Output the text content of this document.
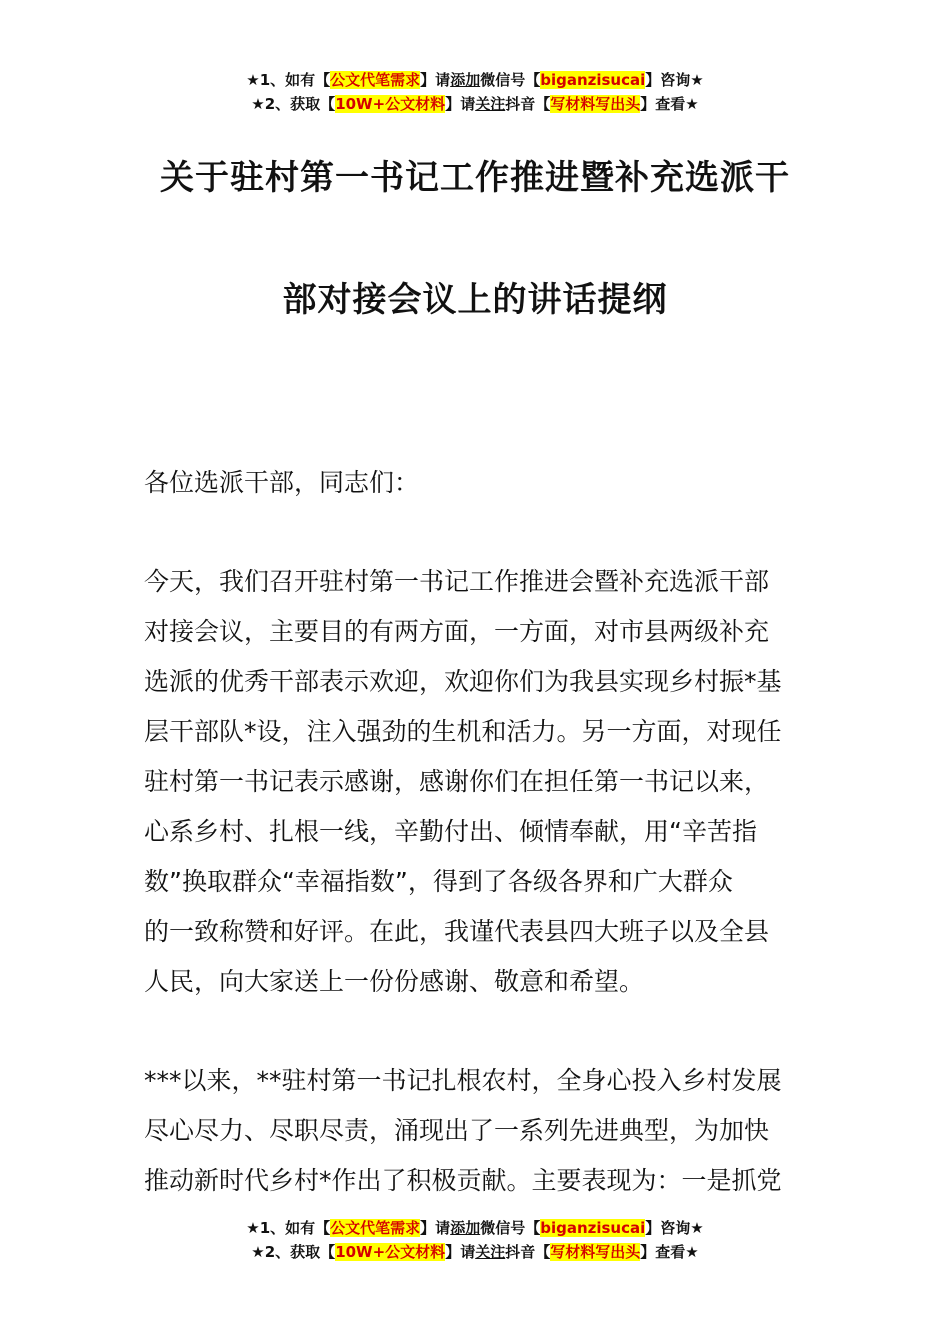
★1、如有【公文代笔需求】请添加微信号【biganzisucai】咨询★
★2、获取【10W+公文材料】请关注抖音【写材料写出头】查看★
关于驻村第一书记工作推进暨补充选派干
部对接会议上的讲话提纲
各位选派干部，同志们：
今天，我们召开驻村第一书记工作推进会暨补充选派干部
对接会议，主要目的有两方面，一方面，对市县两级补充
选派的优秀干部表示欢迎，欢迎你们为我县实现乡村振*基
层干部队*设，注入强劲的生机和活力。另一方面，对现任
驻村第一书记表示感谢，感谢你们在担任第一书记以来，
心系乡村、扎根一线，辛勤付出、倾情奉献，用“辛苦指
数”换取群众“幸福指数”，得到了各级各界和广大群众
的一致称赞和好评。在此，我谨代表县四大班子以及全县
人民，向大家送上一份份感谢、敬意和希望。
***以来，**驻村第一书记扎根农村，全身心投入乡村发展
尽心尽力、尽职尽责，涌现出了一系列先进典型，为加快
推动新时代乡村*作出了积极贡献。主要表现为：一是抓党
★1、如有【公文代笔需求】请添加微信号【biganzisucai】咨询★
★2、获取【10W+公文材料】请关注抖音【写材料写出头】查看★
